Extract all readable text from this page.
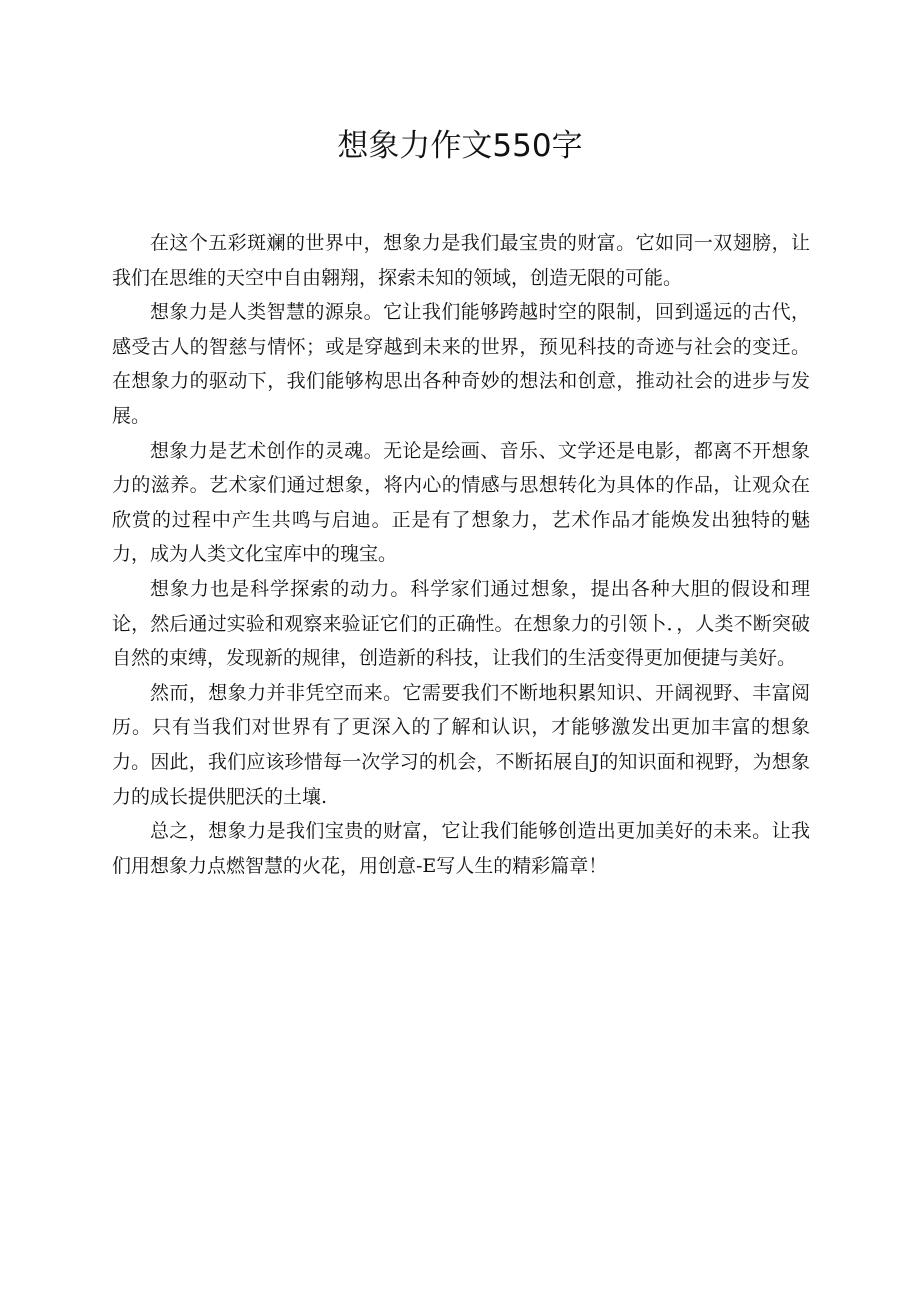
想象力作文550字

在这个五彩斑斓的世界中，想象力是我们最宝贵的财富。它如同一双翅膀，让我们在思维的天空中自由翱翔，探索未知的领域，创造无限的可能。

想象力是人类智慧的源泉。它让我们能够跨越时空的限制，回到遥远的古代，感受古人的智慈与情怀；或是穿越到未来的世界，预见科技的奇迹与社会的变迁。在想象力的驱动下，我们能够构思出各种奇妙的想法和创意，推动社会的进步与发展。

想象力是艺术创作的灵魂。无论是绘画、音乐、文学还是电影，都离不开想象力的滋养。艺术家们通过想象，将内心的情感与思想转化为具体的作品，让观众在欣赏的过程中产生共鸣与启迪。正是有了想象力，艺术作品才能焕发出独特的魅力，成为人类文化宝库中的瑰宝。

想象力也是科学探索的动力。科学家们通过想象，提出各种大胆的假设和理论，然后通过实验和观察来验证它们的正确性。在想象力的引领卜．，人类不断突破自然的束缚，发现新的规律，创造新的科技，让我们的生活变得更加便捷与美好。

然而，想象力并非凭空而来。它需要我们不断地积累知识、开阔视野、丰富阅历。只有当我们对世界有了更深入的了解和认识，才能够激发出更加丰富的想象力。因此，我们应该珍惜每一次学习的机会，不断拓展自J的知识面和视野，为想象力的成长提供肥沃的土壤.

总之，想象力是我们宝贵的财富，它让我们能够创造出更加美好的未来。让我们用想象力点燃智慧的火花，用创意-E写人生的精彩篇章！
